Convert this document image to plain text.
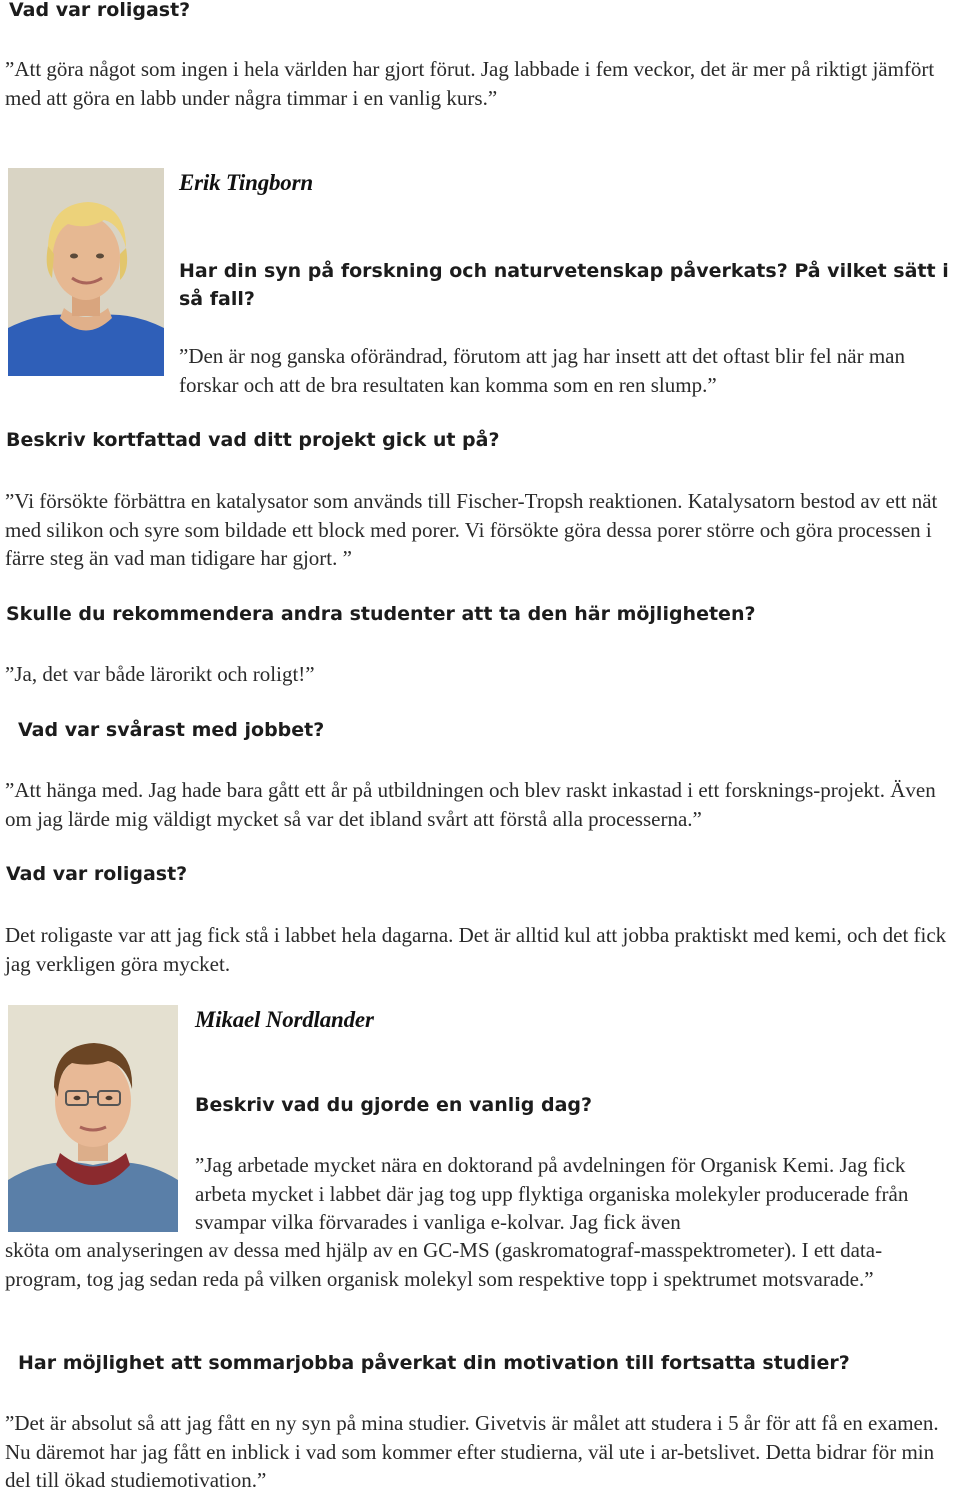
Vad var roligast?
”Att göra något som ingen i hela världen har gjort förut. Jag labbade i fem veckor, det är mer på riktigt jämfört med att göra en labb under några timmar i en vanlig kurs.”
Erik Tingborn
Har din syn på forskning och naturvetenskap påverkats? På vilket sätt i så fall?
”Den är nog ganska oförändrad, förutom att jag har insett att det oftast blir fel när man forskar och att de bra resultaten kan komma som en ren slump.”
Beskriv kortfattad vad ditt projekt gick ut på?
”Vi försökte förbättra en katalysator som används till Fischer-Tropsh reaktionen. Katalysatorn bestod av ett nät med silikon och syre som bildade ett block med porer. Vi försökte göra dessa porer större och göra processen i färre steg än vad man tidigare har gjort. ”
Skulle du rekommendera andra studenter att ta den här möjligheten?
”Ja, det var både lärorikt och roligt!”
Vad var svårast med jobbet?
”Att hänga med. Jag hade bara gått ett år på utbildningen och blev raskt inkastad i ett forsknings-projekt. Även om jag lärde mig väldigt mycket så var det ibland svårt att förstå alla processerna.”
Vad var roligast?
Det roligaste var att jag fick stå i labbet hela dagarna. Det är alltid kul att jobba praktiskt med kemi, och det fick jag verkligen göra mycket.
Mikael Nordlander
Beskriv vad du gjorde en vanlig dag?
”Jag arbetade mycket nära en doktorand på avdelningen för Organisk Kemi. Jag fick arbeta mycket i labbet där jag tog upp flyktiga organiska molekyler producerade från svampar vilka förvarades i vanliga e-kolvar. Jag fick även
sköta om analyseringen av dessa med hjälp av en GC-MS (gaskromatograf-masspektrometer). I ett data-program, tog jag sedan reda på vilken organisk molekyl som respektive topp i spektrumet motsvarade.”
Har möjlighet att sommarjobba påverkat din motivation till fortsatta studier?
”Det är absolut så att jag fått en ny syn på mina studier. Givetvis är målet att studera i 5 år för att få en examen. Nu däremot har jag fått en inblick i vad som kommer efter studierna, väl ute i ar-betslivet. Detta bidrar för min del till ökad studiemotivation.”
